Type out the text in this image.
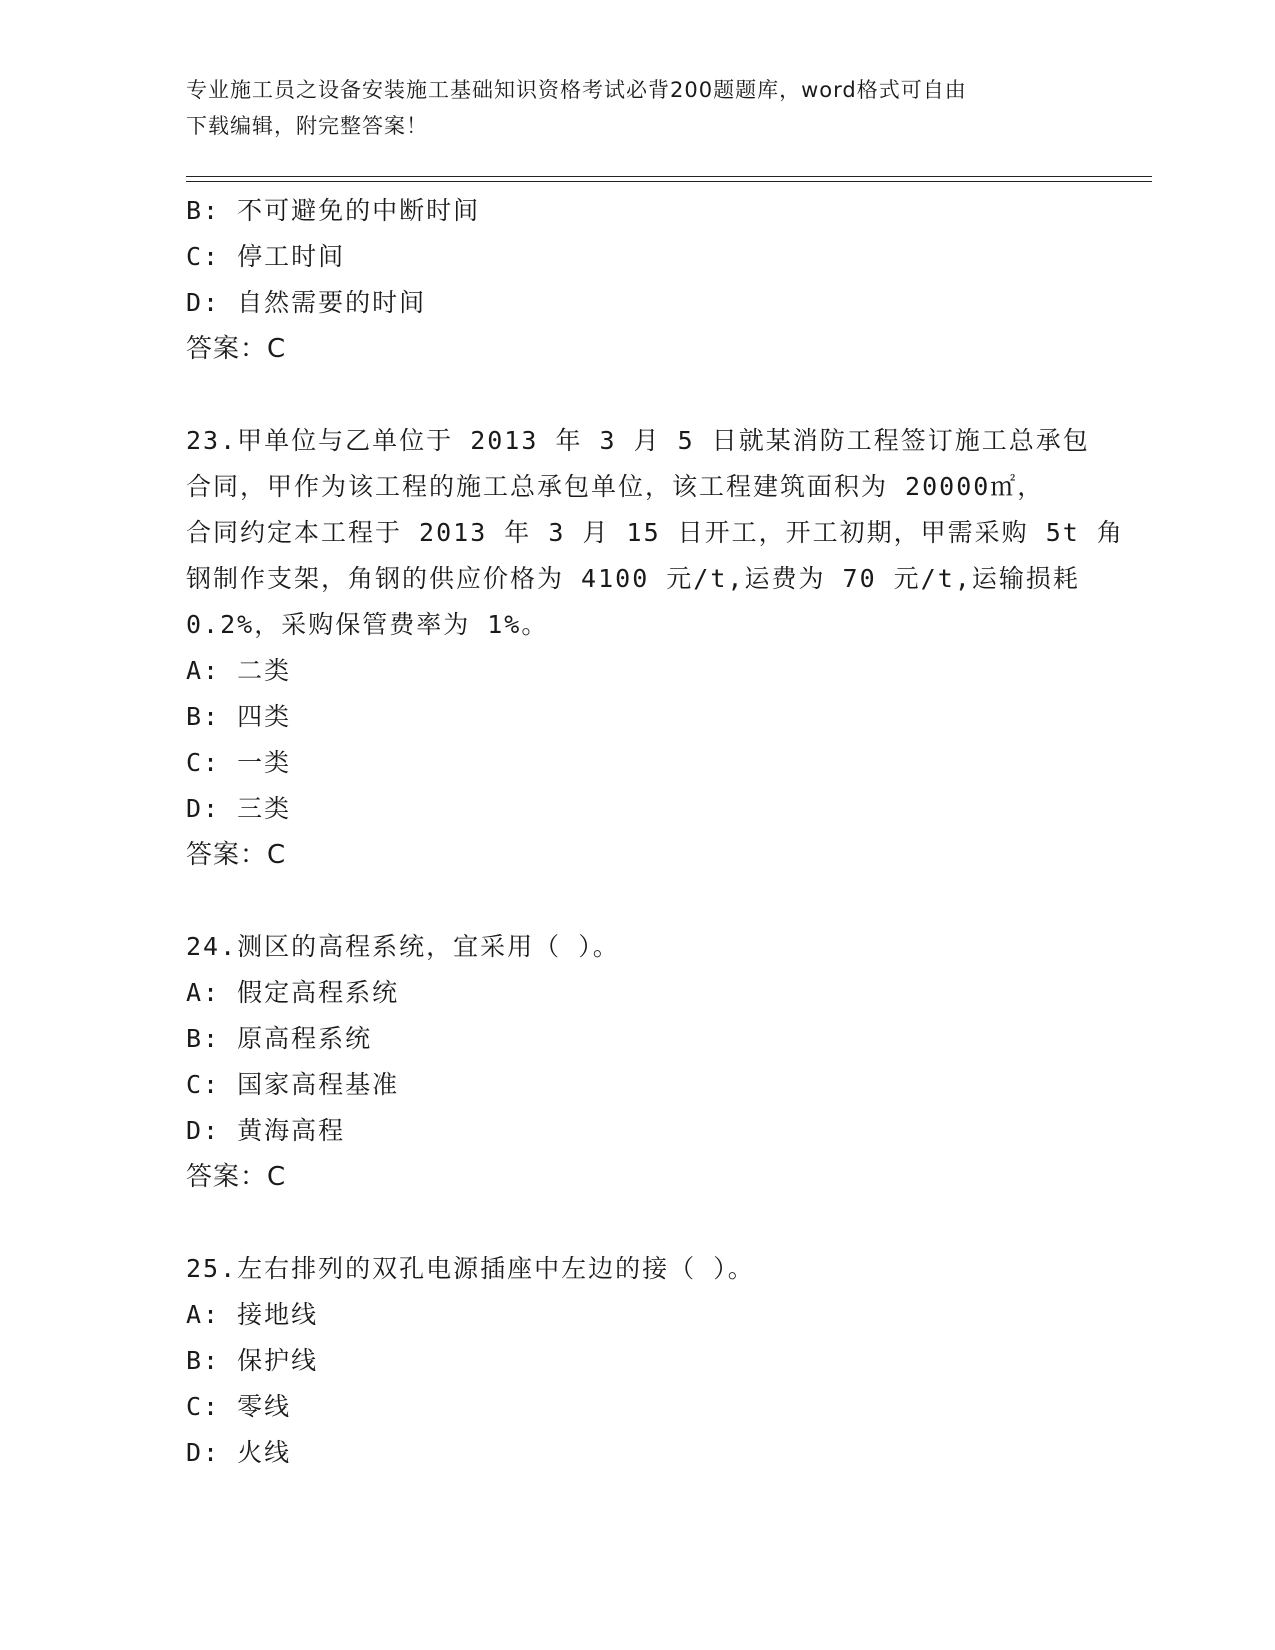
专业施工员之设备安装施工基础知识资格考试必背200题题库，word格式可自由
下载编辑，附完整答案！
B: 不可避免的中断时间
C: 停工时间
D: 自然需要的时间
答案：C
23.甲单位与乙单位于 2013 年 3 月 5 日就某消防工程签订施工总承包
合同，甲作为该工程的施工总承包单位，该工程建筑面积为 20000㎡，
合同约定本工程于 2013 年 3 月 15 日开工，开工初期，甲需采购 5t 角
钢制作支架，角钢的供应价格为 4100 元/t,运费为 70 元/t,运输损耗
0.2%，采购保管费率为 1%。
A: 二类
B: 四类
C: 一类
D: 三类
答案：C
24.测区的高程系统，宜采用（ ）。
A: 假定高程系统
B: 原高程系统
C: 国家高程基准
D: 黄海高程
答案：C
25.左右排列的双孔电源插座中左边的接（ ）。
A: 接地线
B: 保护线
C: 零线
D: 火线
